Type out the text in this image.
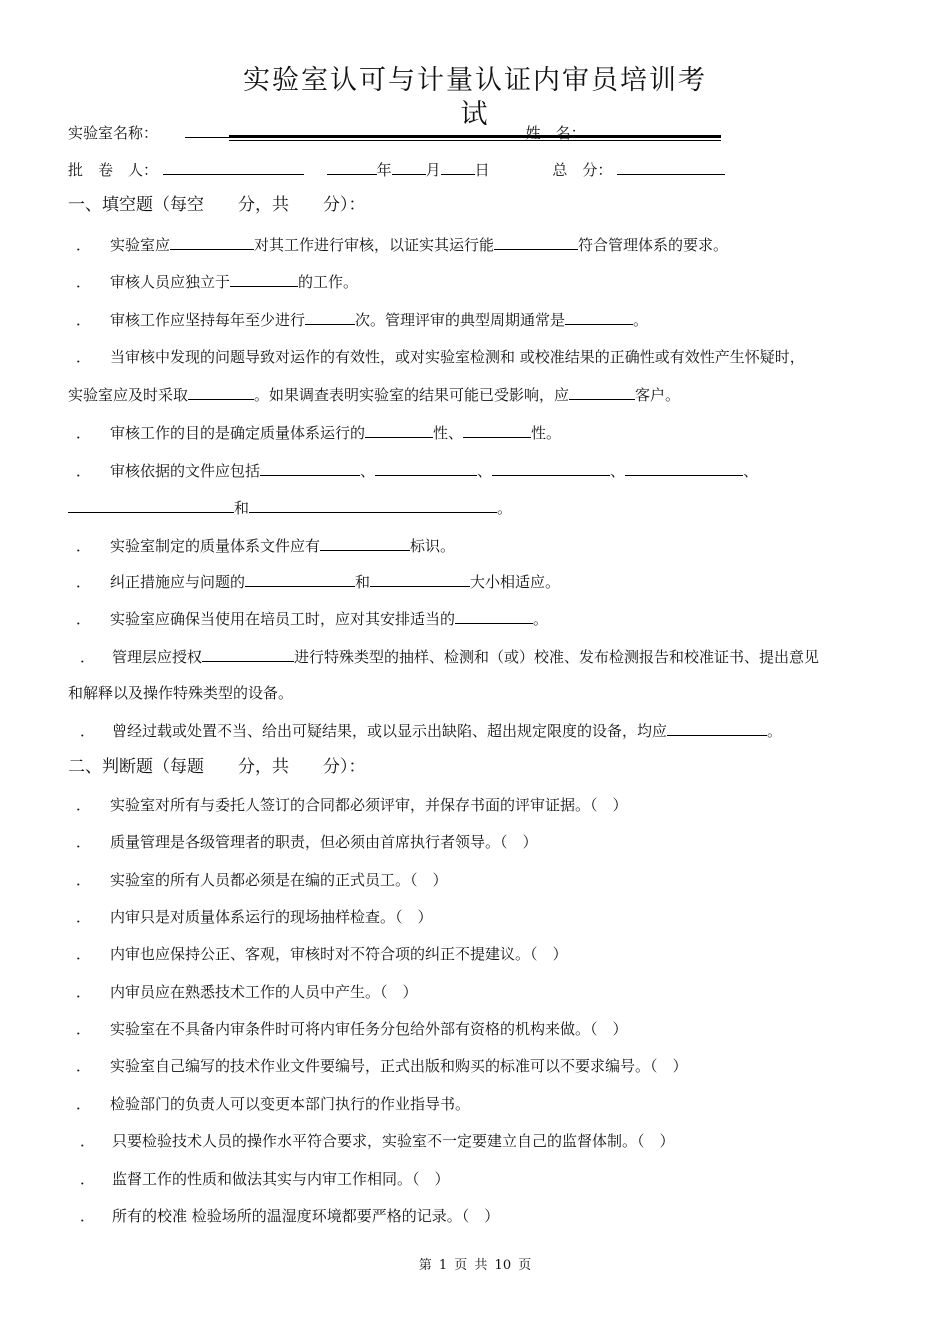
实验室认可与计量认证内审员培训考试
实验室名称：	姓　名：
批　卷　人：	年 月 日	总　分：
一、填空题（每空　　分，共　　分）：
． 实验室应	对其工作进行审核，以证实其运行能	符合管理体系的要求。
． 审核人员应独立于	的工作。
． 审核工作应坚持每年至少进行	次。管理评审的典型周期通常是	。
． 当审核中发现的问题导致对运作的有效性，或对实验室检测和 或校准结果的正确性或有效性产生怀疑时，
实验室应及时采取	。如果调查表明实验室的结果可能已受影响，应	客户。
． 审核工作的目的是确定质量体系运行的	性、	性。
． 审核依据的文件应包括	、	、	、	、
和	。
． 实验室制定的质量体系文件应有	标识。
． 纠正措施应与问题的	和	大小相适应。
． 实验室应确保当使用在培员工时，应对其安排适当的	。
． 管理层应授权	进行特殊类型的抽样、检测和（或）校准、发布检测报告和校准证书、提出意见
和解释以及操作特殊类型的设备。
． 曾经过载或处置不当、给出可疑结果，或以显示出缺陷、超出规定限度的设备，均应	。
二、判断题（每题　　分，共　　分）：
． 实验室对所有与委托人签订的合同都必须评审，并保存书面的评审证据。（　）
． 质量管理是各级管理者的职责，但必须由首席执行者领导。（　）
． 实验室的所有人员都必须是在编的正式员工。（　）
． 内审只是对质量体系运行的现场抽样检查。（　）
． 内审也应保持公正、客观，审核时对不符合项的纠正不提建议。（　）
． 内审员应在熟悉技术工作的人员中产生。（　）
． 实验室在不具备内审条件时可将内审任务分包给外部有资格的机构来做。（　）
． 实验室自己编写的技术作业文件要编号，正式出版和购买的标准可以不要求编号。（　）
． 检验部门的负责人可以变更本部门执行的作业指导书。
． 只要检验技术人员的操作水平符合要求，实验室不一定要建立自己的监督体制。（　）
． 监督工作的性质和做法其实与内审工作相同。（　）
． 所有的校准 检验场所的温湿度环境都要严格的记录。（　）
第 1 页 共 10 页
